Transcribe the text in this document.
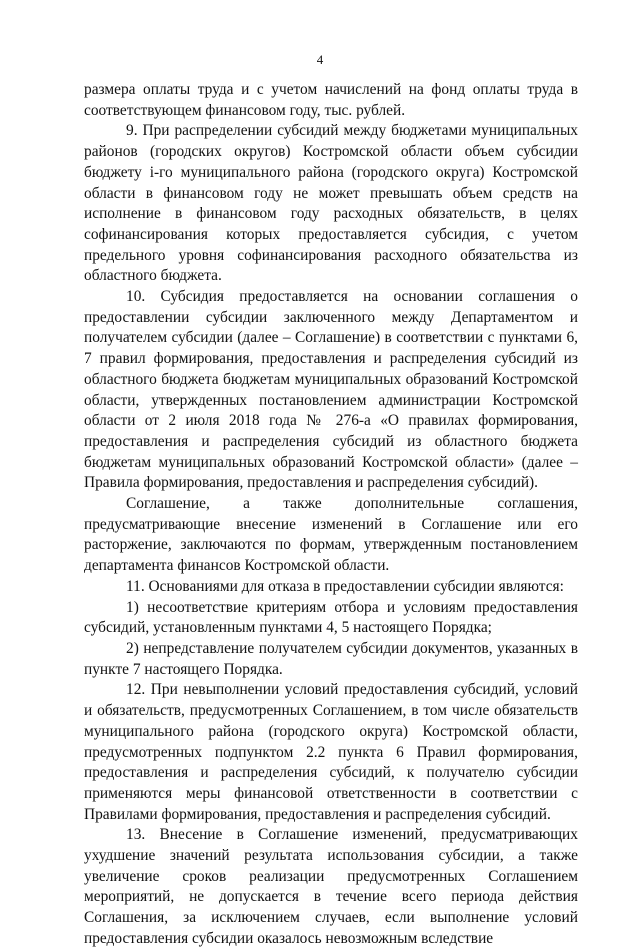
4

размера оплаты труда и с учетом начислений на фонд оплаты труда в соответствующем финансовом году, тыс. рублей.

9. При распределении субсидий между бюджетами муниципальных районов (городских округов) Костромской области объем субсидии бюджету i-го муниципального района (городского округа) Костромской области в финансовом году не может превышать объем средств на исполнение в финансовом году расходных обязательств, в целях софинансирования которых предоставляется субсидия, с учетом предельного уровня софинансирования расходного обязательства из областного бюджета.

10. Субсидия предоставляется на основании соглашения о предоставлении субсидии заключенного между Департаментом и получателем субсидии (далее – Соглашение) в соответствии с пунктами 6, 7 правил формирования, предоставления и распределения субсидий из областного бюджета бюджетам муниципальных образований Костромской области, утвержденных постановлением администрации Костромской области от 2 июля 2018 года № 276-а «О правилах формирования, предоставления и распределения субсидий из областного бюджета бюджетам муниципальных образований Костромской области» (далее – Правила формирования, предоставления и распределения субсидий).

Соглашение, а также дополнительные соглашения, предусматривающие внесение изменений в Соглашение или его расторжение, заключаются по формам, утвержденным постановлением департамента финансов Костромской области.

11. Основаниями для отказа в предоставлении субсидии являются:

1) несоответствие критериям отбора и условиям предоставления субсидий, установленным пунктами 4, 5 настоящего Порядка;

2) непредставление получателем субсидии документов, указанных в пункте 7 настоящего Порядка.

12. При невыполнении условий предоставления субсидий, условий и обязательств, предусмотренных Соглашением, в том числе обязательств муниципального района (городского округа) Костромской области, предусмотренных подпунктом 2.2 пункта 6 Правил формирования, предоставления и распределения субсидий, к получателю субсидии применяются меры финансовой ответственности в соответствии с Правилами формирования, предоставления и распределения субсидий.

13. Внесение в Соглашение изменений, предусматривающих ухудшение значений результата использования субсидии, а также увеличение сроков реализации предусмотренных Соглашением мероприятий, не допускается в течение всего периода действия Соглашения, за исключением случаев, если выполнение условий предоставления субсидии оказалось невозможным вследствие
